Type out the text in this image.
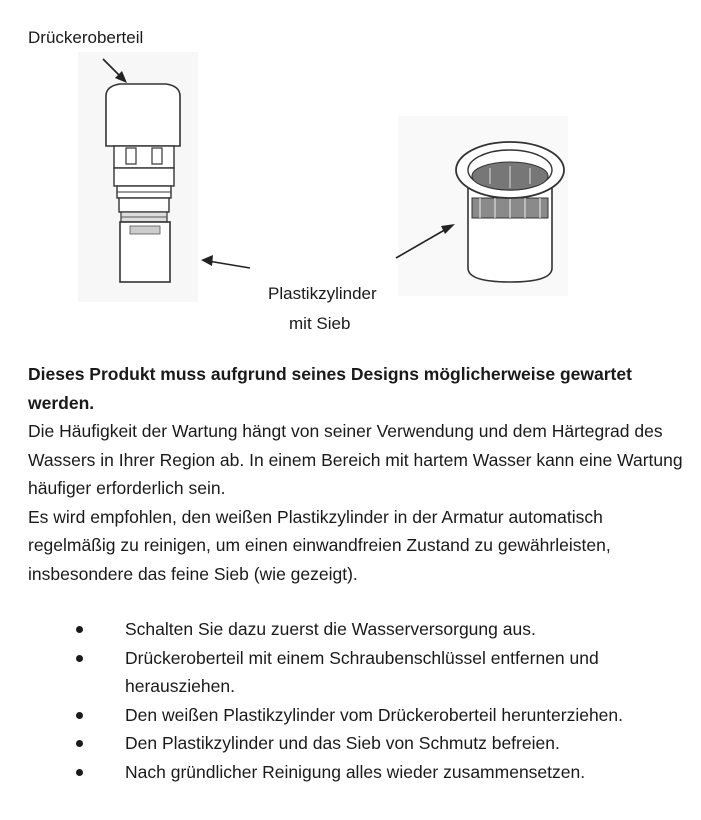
Drückeroberteil
Plastikzylinder
mit Sieb

Dieses Produkt muss aufgrund seines Designs möglicherweise gewartet werden.

Die Häufigkeit der Wartung hängt von seiner Verwendung und dem Härtegrad des Wassers in Ihrer Region ab. In einem Bereich mit hartem Wasser kann eine Wartung häufiger erforderlich sein.

Es wird empfohlen, den weißen Plastikzylinder in der Armatur automatisch regelmäßig zu reinigen, um einen einwandfreien Zustand zu gewährleisten, insbesondere das feine Sieb (wie gezeigt).

Schalten Sie dazu zuerst die Wasserversorgung aus.
Drückeroberteil mit einem Schraubenschlüssel entfernen und herausziehen.
Den weißen Plastikzylinder vom Drückeroberteil herunterziehen.
Den Plastikzylinder und das Sieb von Schmutz befreien.
Nach gründlicher Reinigung alles wieder zusammensetzen.
